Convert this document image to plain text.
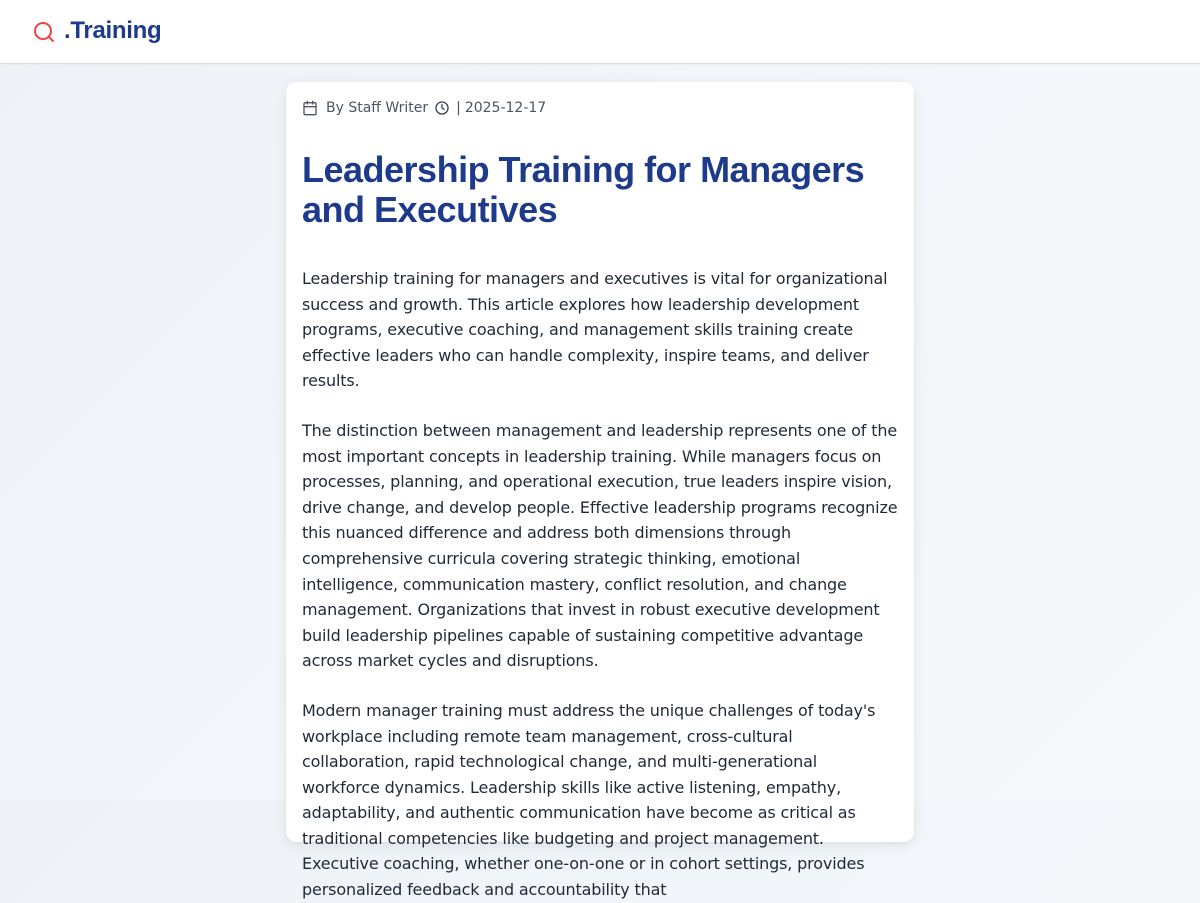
.Training
By Staff Writer | 2025-12-17
Leadership Training for Managers and Executives

Leadership training for managers and executives is vital for organizational success and growth. This article explores how leadership development programs, executive coaching, and management skills training create effective leaders who can handle complexity, inspire teams, and deliver results.

The distinction between management and leadership represents one of the most important concepts in leadership training. While managers focus on processes, planning, and operational execution, true leaders inspire vision, drive change, and develop people. Effective leadership programs recognize this nuanced difference and address both dimensions through comprehensive curricula covering strategic thinking, emotional intelligence, communication mastery, conflict resolution, and change management. Organizations that invest in robust executive development build leadership pipelines capable of sustaining competitive advantage across market cycles and disruptions.

Modern manager training must address the unique challenges of today's workplace including remote team management, cross-cultural collaboration, rapid technological change, and multi-generational workforce dynamics. Leadership skills like active listening, empathy, adaptability, and authentic communication have become as critical as traditional competencies like budgeting and project management. Executive coaching, whether one-on-one or in cohort settings, provides personalized feedback and accountability that
